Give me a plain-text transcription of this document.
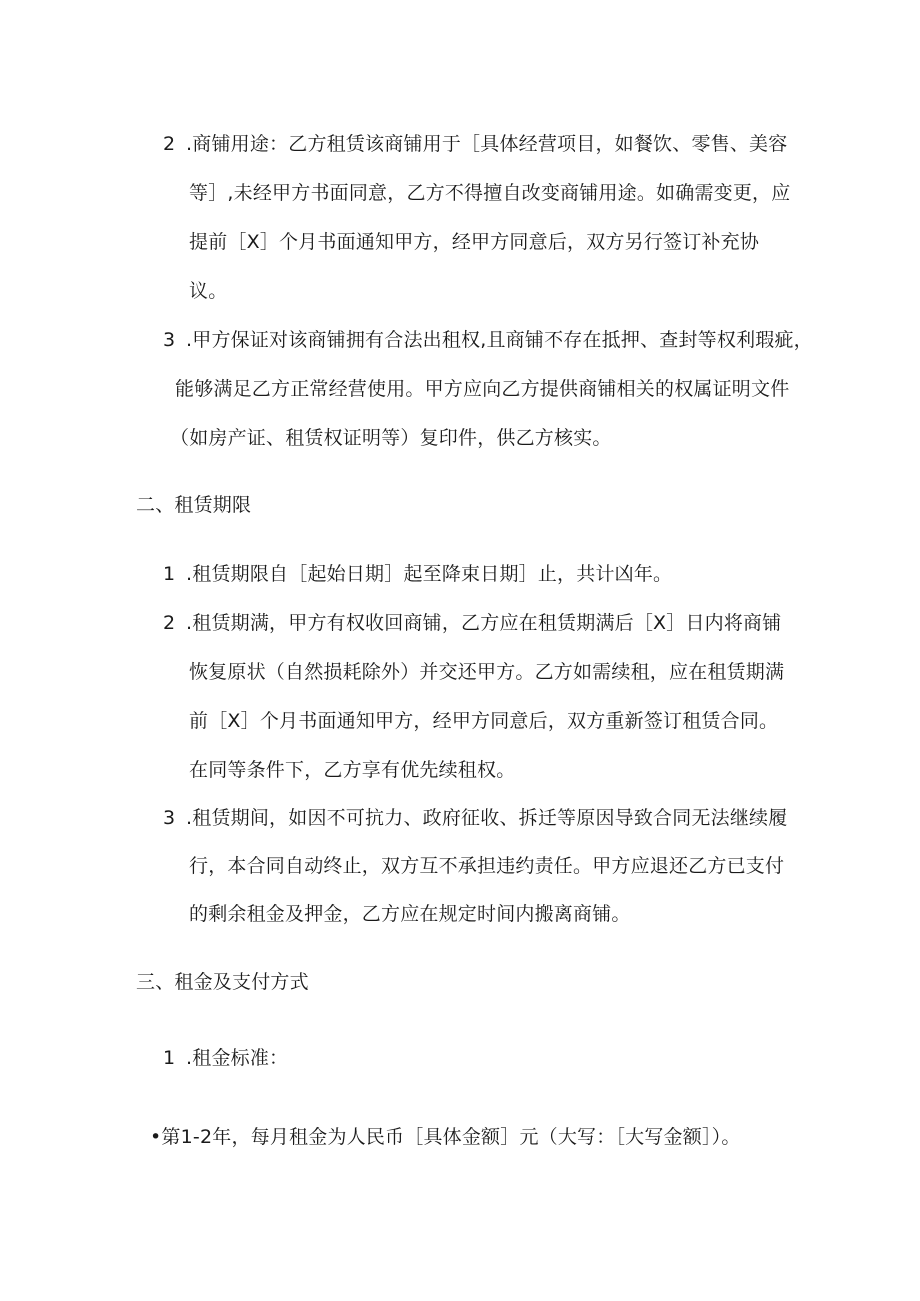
2 .商铺用途：乙方租赁该商铺用于［具体经营项目，如餐饮、零售、美容
等］,未经甲方书面同意，乙方不得擅自改变商铺用途。如确需变更，应
提前［X］个月书面通知甲方，经甲方同意后，双方另行签订补充协
议。
3 .甲方保证对该商铺拥有合法出租权,且商铺不存在抵押、查封等权利瑕疵，
能够满足乙方正常经营使用。甲方应向乙方提供商铺相关的权属证明文件
（如房产证、租赁权证明等）复印件，供乙方核实。
二、租赁期限
1 .租赁期限自［起始日期］起至降束日期］止，共计凶年。
2 .租赁期满，甲方有权收回商铺，乙方应在租赁期满后［X］日内将商铺
恢复原状（自然损耗除外）并交还甲方。乙方如需续租，应在租赁期满
前［X］个月书面通知甲方，经甲方同意后，双方重新签订租赁合同。
在同等条件下，乙方享有优先续租权。
3 .租赁期间，如因不可抗力、政府征收、拆迁等原因导致合同无法继续履
行，本合同自动终止，双方互不承担违约责任。甲方应退还乙方已支付
的剩余租金及押金，乙方应在规定时间内搬离商铺。
三、租金及支付方式
1 .租金标准：
•第1-2年，每月租金为人民币［具体金额］元（大写：［大写金额］）。
